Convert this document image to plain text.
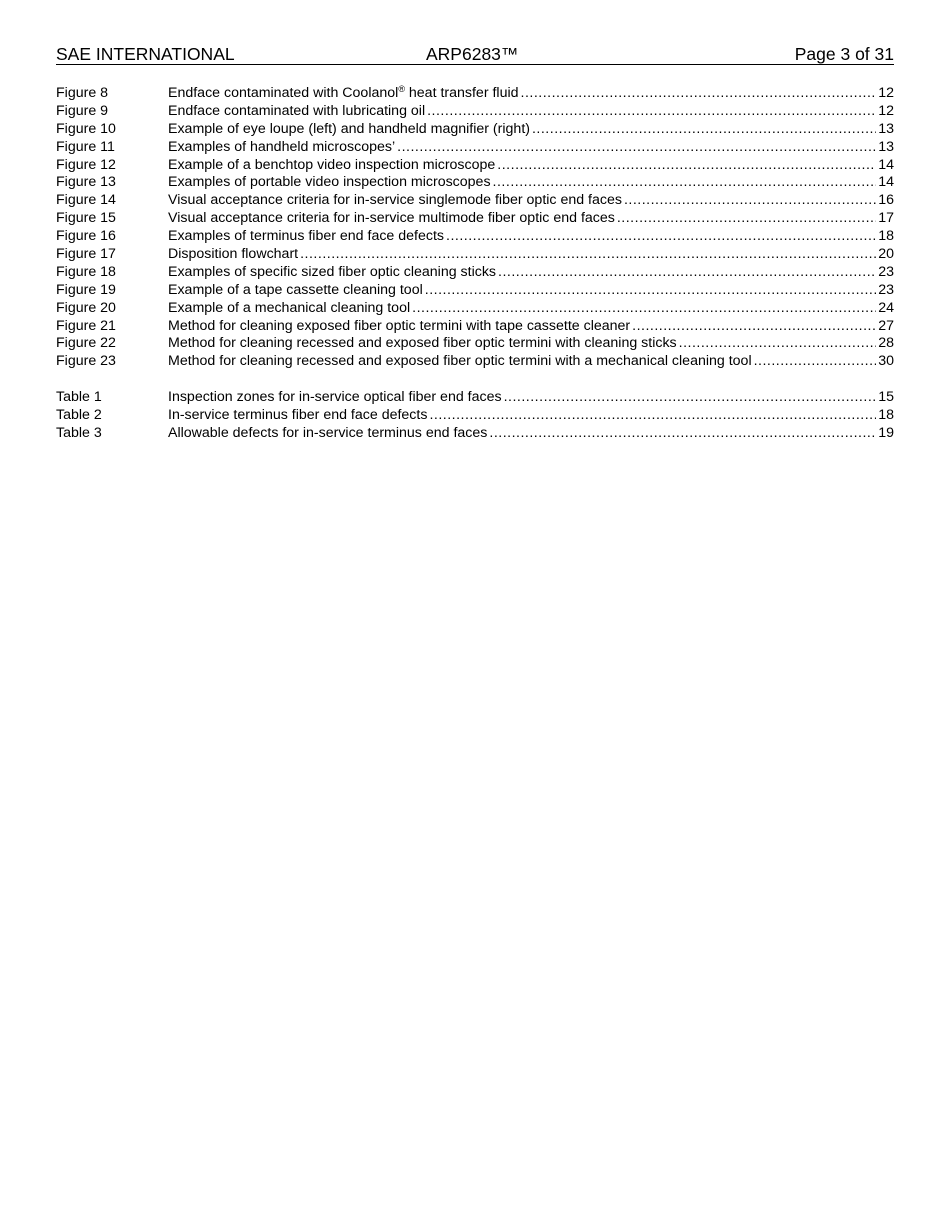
SAE INTERNATIONAL	ARP6283™	Page 3 of 31
Figure 8	Endface contaminated with Coolanol® heat transfer fluid .....	12
Figure 9	Endface contaminated with lubricating oil .....	12
Figure 10	Example of eye loupe (left) and handheld magnifier (right) .....	13
Figure 11	Examples of handheld microscopes’ .....	13
Figure 12	Example of a benchtop video inspection microscope .....	14
Figure 13	Examples of portable video inspection microscopes .....	14
Figure 14	Visual acceptance criteria for in-service singlemode fiber optic end faces .....	16
Figure 15	Visual acceptance criteria for in-service multimode fiber optic end faces .....	17
Figure 16	Examples of terminus fiber end face defects .....	18
Figure 17	Disposition flowchart .....	20
Figure 18	Examples of specific sized fiber optic cleaning sticks .....	23
Figure 19	Example of a tape cassette cleaning tool .....	23
Figure 20	Example of a mechanical cleaning tool .....	24
Figure 21	Method for cleaning exposed fiber optic termini with tape cassette cleaner .....	27
Figure 22	Method for cleaning recessed and exposed fiber optic termini with cleaning sticks .....	28
Figure 23	Method for cleaning recessed and exposed fiber optic termini with a mechanical cleaning tool .....	30
Table 1	Inspection zones for in-service optical fiber end faces .....	15
Table 2	In-service terminus fiber end face defects .....	18
Table 3	Allowable defects for in-service terminus end faces .....	19
